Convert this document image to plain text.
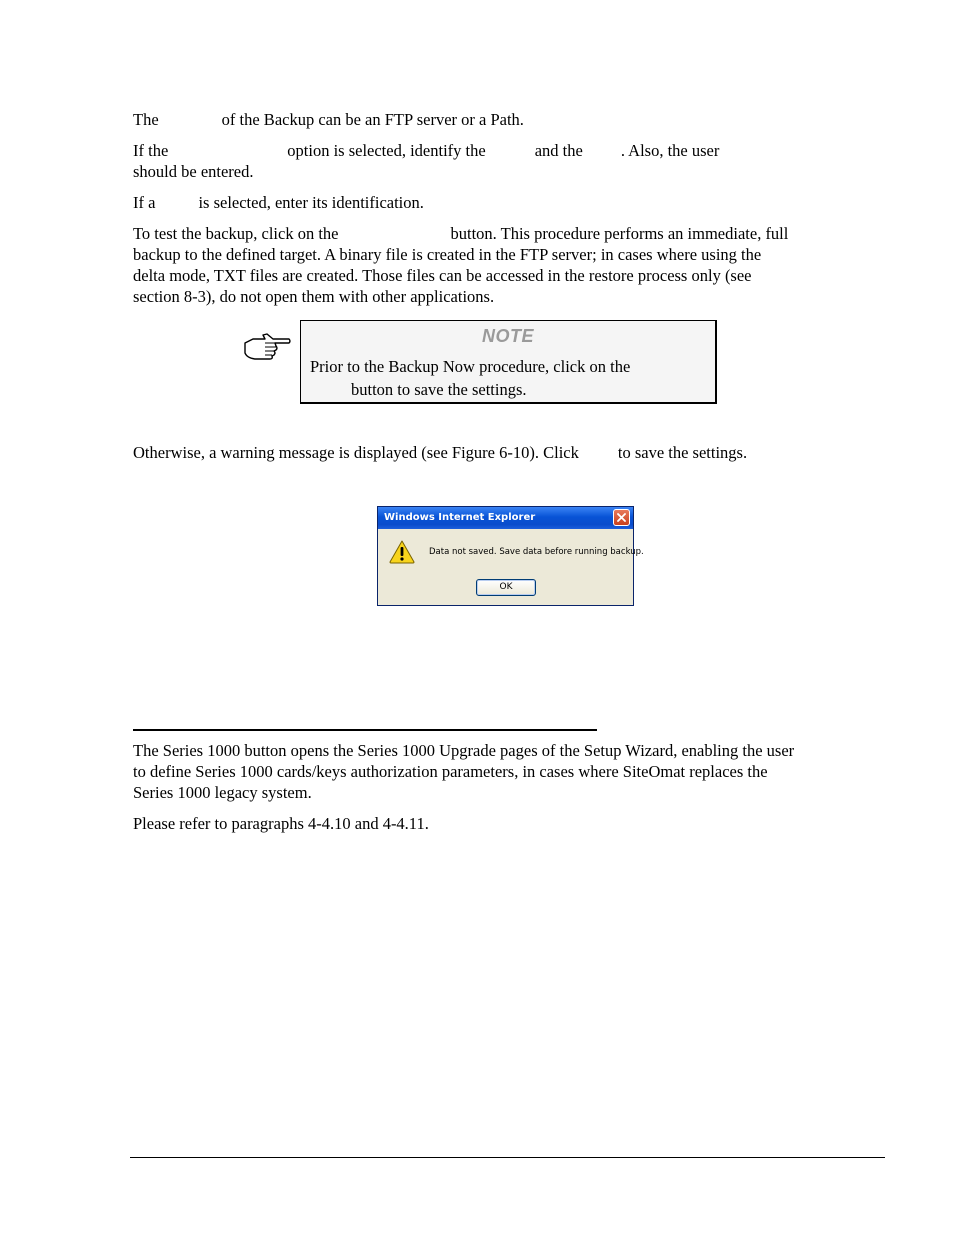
The	of the Backup can be an FTP server or a Path.
If the	option is selected, identify the	and the . Also, the user
should be entered.
If a	is selected, enter its identification.
To test the backup, click on the	button. This procedure performs an immediate, full
backup to the defined target. A binary file is created in the FTP server; in cases where using the
delta mode, TXT files are created. Those files can be accessed in the restore process only (see
section 8-3), do not open them with other applications.
NOTE
Prior to the Backup Now procedure, click on the
button to save the settings.
Otherwise, a warning message is displayed (see Figure 6-10). Click to save the settings.
Windows Internet Explorer
Data not saved. Save data before running backup.
OK
The Series 1000 button opens the Series 1000 Upgrade pages of the Setup Wizard, enabling the user
to define Series 1000 cards/keys authorization parameters, in cases where SiteOmat replaces the
Series 1000 legacy system.
Please refer to paragraphs 4-4.10 and 4-4.11.
